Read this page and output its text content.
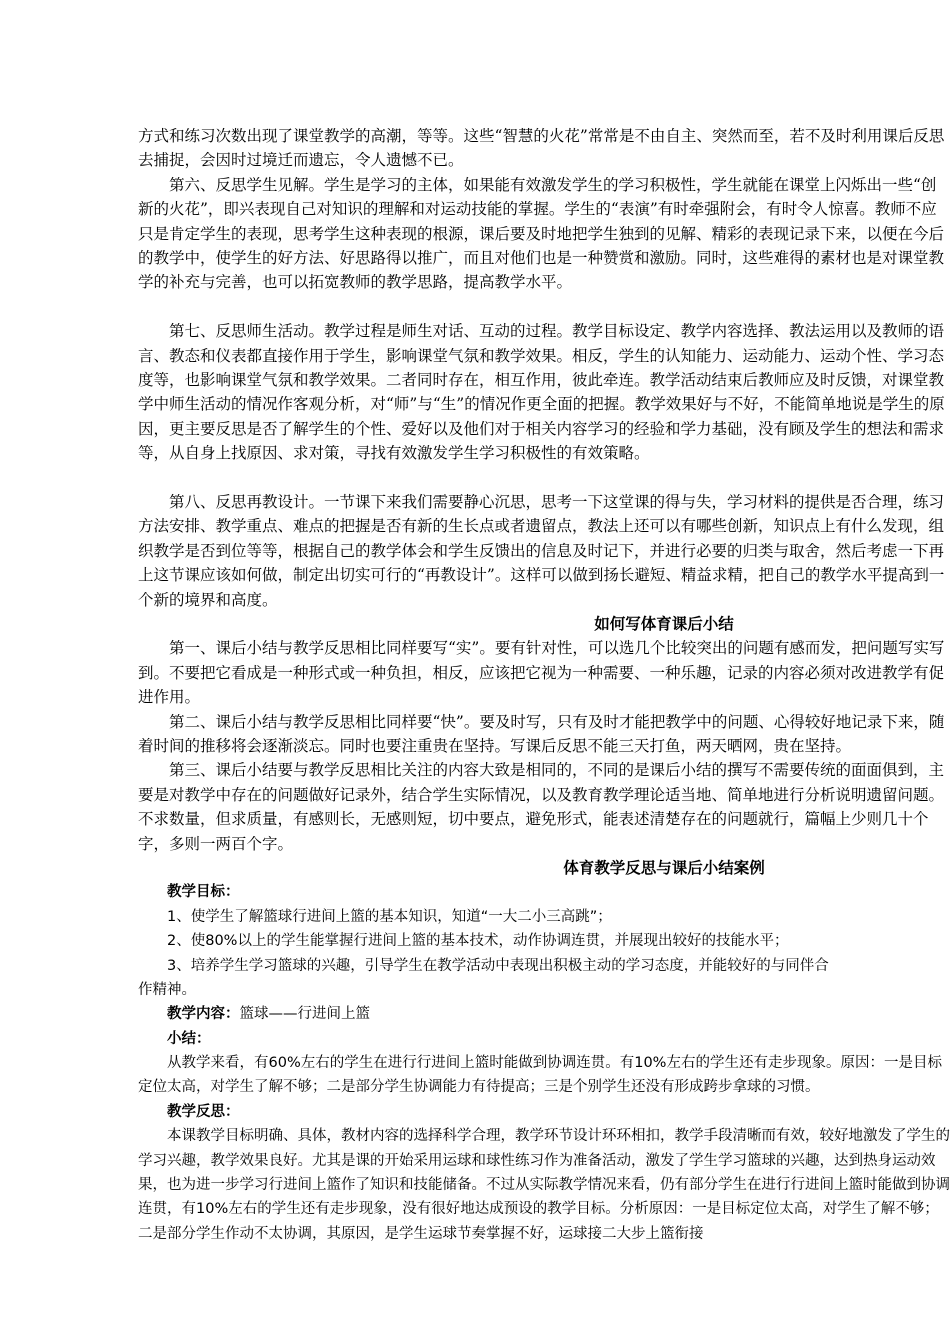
方式和练习次数出现了课堂教学的高潮，等等。这些“智慧的火花”常常是不由自主、突然而至，若不及时利用课后反思去捕捉，会因时过境迁而遗忘，令人遗憾不已。

第六、反思学生见解。学生是学习的主体，如果能有效激发学生的学习积极性，学生就能在课堂上闪烁出一些“创新的火花”，即兴表现自己对知识的理解和对运动技能的掌握。学生的“表演”有时牵强附会，有时令人惊喜。教师不应只是肯定学生的表现，思考学生这种表现的根源，课后要及时地把学生独到的见解、精彩的表现记录下来，以便在今后的教学中，使学生的好方法、好思路得以推广，而且对他们也是一种赞赏和激励。同时，这些难得的素材也是对课堂教学的补充与完善，也可以拓宽教师的教学思路，提高教学水平。

第七、反思师生活动。教学过程是师生对话、互动的过程。教学目标设定、教学内容选择、教法运用以及教师的语言、教态和仪表都直接作用于学生，影响课堂气氛和教学效果。相反，学生的认知能力、运动能力、运动个性、学习态度等，也影响课堂气氛和教学效果。二者同时存在，相互作用，彼此牵连。教学活动结束后教师应及时反馈，对课堂教学中师生活动的情况作客观分析，对“师”与“生”的情况作更全面的把握。教学效果好与不好，不能简单地说是学生的原因，更主要反思是否了解学生的个性、爱好以及他们对于相关内容学习的经验和学力基础，没有顾及学生的想法和需求等，从自身上找原因、求对策，寻找有效激发学生学习积极性的有效策略。

第八、反思再教设计。一节课下来我们需要静心沉思，思考一下这堂课的得与失，学习材料的提供是否合理，练习方法安排、教学重点、难点的把握是否有新的生长点或者遗留点，教法上还可以有哪些创新，知识点上有什么发现，组织教学是否到位等等，根据自己的教学体会和学生反馈出的信息及时记下，并进行必要的归类与取舍，然后考虑一下再上这节课应该如何做，制定出切实可行的“再教设计”。这样可以做到扬长避短、精益求精，把自己的教学水平提高到一个新的境界和高度。

如何写体育课后小结

第一、课后小结与教学反思相比同样要写“实”。要有针对性，可以选几个比较突出的问题有感而发，把问题写实写到。不要把它看成是一种形式或一种负担，相反，应该把它视为一种需要、一种乐趣，记录的内容必须对改进教学有促进作用。

第二、课后小结与教学反思相比同样要“快”。要及时写，只有及时才能把教学中的问题、心得较好地记录下来，随着时间的推移将会逐渐淡忘。同时也要注重贵在坚持。写课后反思不能三天打鱼，两天晒网，贵在坚持。

第三、课后小结要与教学反思相比关注的内容大致是相同的，不同的是课后小结的撰写不需要传统的面面俱到，主要是对教学中存在的问题做好记录外，结合学生实际情况，以及教育教学理论适当地、简单地进行分析说明遗留问题。不求数量，但求质量，有感则长，无感则短，切中要点，避免形式，能表述清楚存在的问题就行，篇幅上少则几十个字，多则一两百个字。

体育教学反思与课后小结案例

教学目标：

1、使学生了解篮球行进间上篮的基本知识，知道“一大二小三高跳”；

2、使80%以上的学生能掌握行进间上篮的基本技术，动作协调连贯，并展现出较好的技能水平；

3、培养学生学习篮球的兴趣，引导学生在教学活动中表现出积极主动的学习态度，并能较好的与同伴合

作精神。

教学内容：篮球——行进间上篮

小结：

从教学来看，有60%左右的学生在进行行进间上篮时能做到协调连贯。有10%左右的学生还有走步现象。原因：一是目标定位太高，对学生了解不够；二是部分学生协调能力有待提高；三是个别学生还没有形成跨步拿球的习惯。

教学反思：

本课教学目标明确、具体，教材内容的选择科学合理，教学环节设计环环相扣，教学手段清晰而有效，较好地激发了学生的学习兴趣，教学效果良好。尤其是课的开始采用运球和球性练习作为准备活动，激发了学生学习篮球的兴趣，达到热身运动效果，也为进一步学习行进间上篮作了知识和技能储备。不过从实际教学情况来看，仍有部分学生在进行行进间上篮时能做到协调连贯，有10%左右的学生还有走步现象，没有很好地达成预设的教学目标。分析原因：一是目标定位太高，对学生了解不够；二是部分学生作动不太协调，其原因，是学生运球节奏掌握不好，运球接二大步上篮衔接
